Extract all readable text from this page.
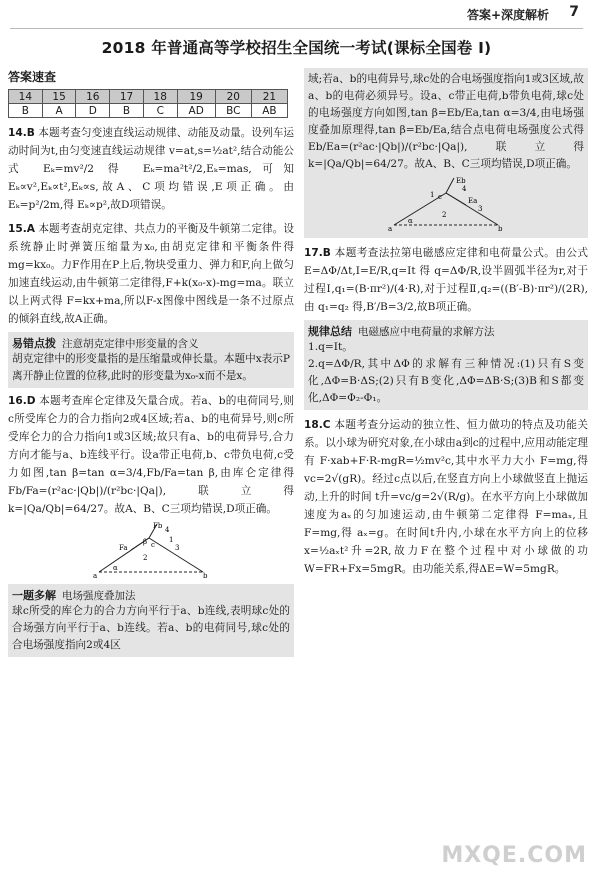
答案+深度解析 7
2018 年普通高等学校招生全国统一考试(课标全国卷 Ⅰ)
答案速查
14	15	16	17	18	19	20	21
B	A	D	B	C	AD	BC	AB

14.B 本题考查匀变速直线运动规律、动能及动量。设列车运动时间为t,由匀变速直线运动规律 v=at,s=½at²,结合动能公式 Eₖ=mv²/2 得 Eₖ=ma²t²/2,Eₖ=mas,可知 Eₖ∝v²,Eₖ∝t²,Eₖ∝s,故A、C项均错误,E项正确。由 Eₖ=p²/2m,得 Eₖ∝p²,故D项错误。

15.A 本题考查胡克定律、共点力的平衡及牛顿第二定律。设系统静止时弹簧压缩量为x₀,由胡克定律和平衡条件得 mg=kx₀。力F作用在P上后,物块受重力、弹力和F,向上做匀加速直线运动,由牛顿第二定律得,F+k(x₀-x)-mg=ma。联立以上两式得 F=kx+ma,所以F-x图像中图线是一条不过原点的倾斜直线,故A正确。

易错点拨 注意胡克定律中形变量的含义

胡克定律中的形变量指的是压缩量或伸长量。本题中x表示P离开静止位置的位移,此时的形变量为x₀-x而不是x。

16.D 本题考查库仑定律及矢量合成。若a、b的电荷同号,则c所受库仑力的合力指向2或4区域;若a、b的电荷异号,则c所受库仑力的合力指向1或3区域;故只有a、b的电荷异号,合力方向才能与a、b连线平行。设a带正电荷,b、c带负电荷,c受力如图,tan β=tan α=3/4,Fb/Fa=tan β,由库仑定律得 Fb/Fa=(r²ac·|Qb|)/(r²bc·|Qa|),联立得 k=|Qa/Qb|=64/27。故A、B、C三项均错误,D项正确。

Fb
Fa
4
β c
1
3
2
a
α
b
一题多解 电场强度叠加法

球c所受的库仑力的合力方向平行于a、b连线,表明球c处的合场强方向平行于a、b连线。若a、b的电荷同号,球c处的合电场强度指向2或4区

域;若a、b的电荷异号,球c处的合电场强度指向1或3区域,故a、b的电荷必须异号。设a、c带正电荷,b带负电荷,球c处的电场强度方向如图,tan β=Eb/Ea,tan α=3/4,由电场强度叠加原理得,tan β=Eb/Ea,结合点电荷电场强度公式得 Eb/Ea=(r²ac·|Qb|)/(r²bc·|Qa|),联立得 k=|Qa/Qb|=64/27。故A、B、C三项均错误,D项正确。

Eb
4
Ea
c
3
1
2
a
α
b

17.B 本题考查法拉第电磁感应定律和电荷量公式。由公式 E=ΔΦ/Δt,I=E/R,q=It 得 q=ΔΦ/R,设半圆弧半径为r,对于过程Ⅰ,q₁=(B·πr²)/(4·R),对于过程Ⅱ,q₂=((B′-B)·πr²)/(2R),由 q₁=q₂ 得,B′/B=3/2,故B项正确。

规律总结 电磁感应中电荷量的求解方法

1.q=It。

2.q=ΔΦ/R,其中ΔΦ的求解有三种情况:(1)只有S变化,ΔΦ=B·ΔS;(2)只有B变化,ΔΦ=ΔB·S;(3)B和S都变化,ΔΦ=Φ₂-Φ₁。

18.C 本题考查分运动的独立性、恒力做功的特点及功能关系。以小球为研究对象,在小球由a到c的过程中,应用动能定理有 F·xab+F·R-mgR=½mv²c,其中水平力大小 F=mg,得 vc=2√(gR)。经过c点以后,在竖直方向上小球做竖直上抛运动,上升的时间 t升=vc/g=2√(R/g)。在水平方向上小球做加速度为aₓ的匀加速运动,由牛顿第二定律得 F=maₓ,且 F=mg,得 aₓ=g。在时间t升内,小球在水平方向上的位移 x=½aₓt²升=2R,故力F在整个过程中对小球做的功 W=FR+Fx=5mgR。由功能关系,得ΔE=W=5mgR。

MXQE.COM
